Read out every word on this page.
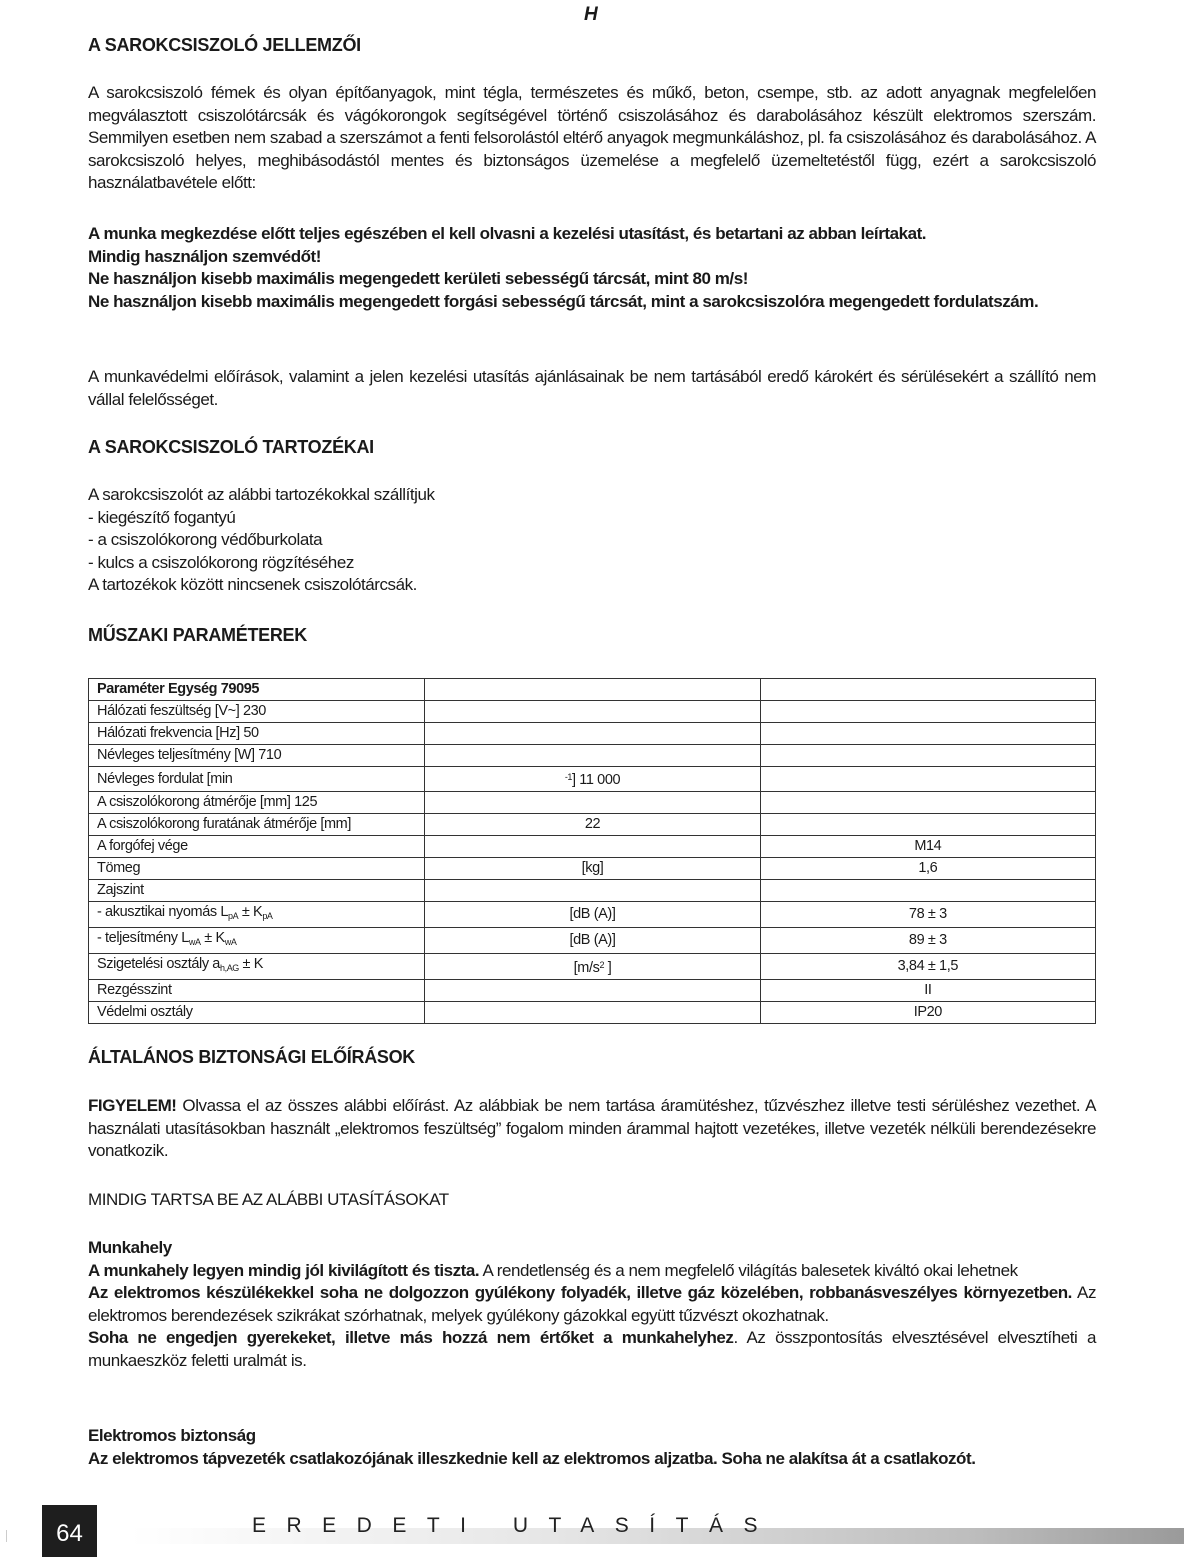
H
A SAROKCSISZOLÓ JELLEMZŐI
A sarokcsiszoló fémek és olyan építőanyagok, mint tégla, természetes és műkő, beton, csempe, stb. az adott anyagnak megfelelően megválasztott csiszolótárcsák és vágókorongok segítségével történő csiszolásához és darabolásához készült elektromos szerszám. Semmilyen esetben nem szabad a szerszámot a fenti felsorolástól eltérő anyagok megmunkáláshoz, pl. fa csiszolásához és darabolásához. A sarokcsiszoló helyes, meghibásodástól mentes és biztonságos üzemelése a megfelelő üzemeltetéstől függ, ezért a sarokcsiszoló használatbavétele előtt:
A munka megkezdése előtt teljes egészében el kell olvasni a kezelési utasítást, és betartani az abban leírtakat.
Mindig használjon szemvédőt!
Ne használjon kisebb maximális megengedett kerületi sebességű tárcsát, mint 80 m/s!
Ne használjon kisebb maximális megengedett forgási sebességű tárcsát, mint a sarokcsiszolóra megengedett fordulatszám.
A munkavédelmi előírások, valamint a jelen kezelési utasítás ajánlásainak be nem tartásából eredő károkért és sérülésekért a szállító nem vállal felelősséget.
A SAROKCSISZOLÓ TARTOZÉKAI
A sarokcsiszolót az alábbi tartozékokkal szállítjuk
- kiegészítő fogantyú
- a csiszolókorong védőburkolata
- kulcs a csiszolókorong rögzítéséhez
A tartozékok között nincsenek csiszolótárcsák.
MŰSZAKI PARAMÉTEREK
ÁLTALÁNOS BIZTONSÁGI ELŐÍRÁSOK
FIGYELEM! Olvassa el az összes alábbi előírást. Az alábbiak be nem tartása áramütéshez, tűzvészhez illetve testi sérüléshez vezethet. A használati utasításokban használt „elektromos feszültség” fogalom minden árammal hajtott vezetékes, illetve vezeték nélküli berendezésekre vonatkozik.
MINDIG TARTSA BE AZ ALÁBBI UTASÍTÁSOKAT
Munkahely
A munkahely legyen mindig jól kivilágított és tiszta. A rendetlenség és a nem megfelelő világítás balesetek kiváltó okai lehetnek
Az elektromos készülékekkel soha ne dolgozzon gyúlékony folyadék, illetve gáz közelében, robbanásveszélyes környezetben. Az elektromos berendezések szikrákat szórhatnak, melyek gyúlékony gázokkal együtt tűzvészt okozhatnak.
Soha ne engedjen gyerekeket, illetve más hozzá nem értőket a munkahelyhez. Az összpontosítás elvesztésével elvesztíheti a munkaeszköz feletti uralmát is.
Elektromos biztonság
Az elektromos tápvezeték csatlakozójának illeszkednie kell az elektromos aljzatba. Soha ne alakítsa át a csatlakozót.
Paraméter Egység 79095		
Hálózati feszültség [V~] 230		
Hálózati frekvencia [Hz] 50		
Névleges teljesítmény [W] 710		
Névleges fordulat [min	$^{-1}$] 11 000	
A csiszolókorong átmérője [mm] 125		
A csiszolókorong furatának átmérője [mm]	22	
A forgófej vége		M14
Tömeg	[kg]	1,6
Zajszint		
- akusztikai nyomás $L_{pA} \pm K_{pA}$	[dB (A)]	78 ± 3
- teljesítmény $L_{wA} \pm K_{wA}$	[dB (A)]	89 ± 3
Szigetelési osztály $a_{h,AG} \pm K$	[$m/s^2$ ]	3,84 ± 1,5
Rezgésszint		II
Védelmi osztály		IP20
64	EREDETI UTASÍTÁS
